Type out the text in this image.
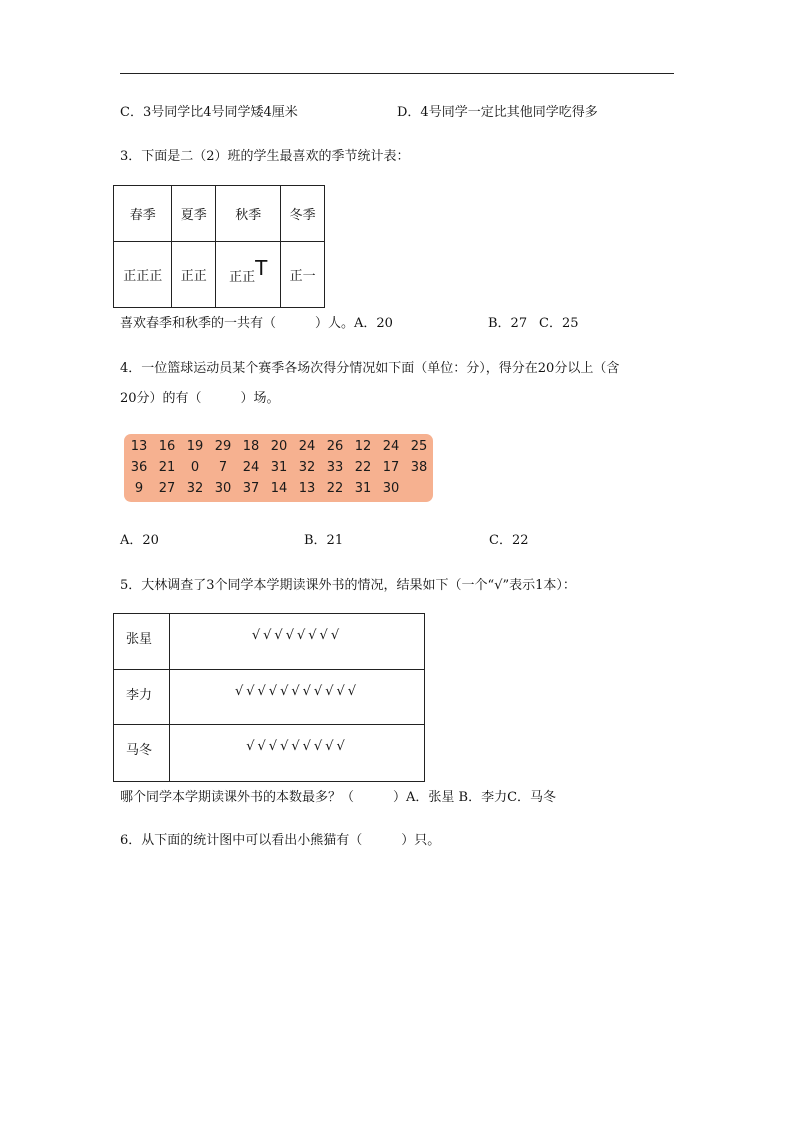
C．3号同学比4号同学矮4厘米	D．4号同学一定比其他同学吃得多
3．下面是二（2）班的学生最喜欢的季节统计表：
春季	夏季	秋季	冬季
正正正	正正	正正T	正一
喜欢春季和秋季的一共有（　　　）人。A．20	B．27 C．25
4．一位篮球运动员某个赛季各场次得分情况如下面（单位：分），得分在20分以上（含
20分）的有（　　　）场。
13 16 19 29 18 20 24 26 12 24 25
36 21	0	7	24 31 32 33 22 17 38
9	27 32 30 37 14 13 22 31 30
A．20	B．21	C．22
5．大林调查了3个同学本学期读课外书的情况，结果如下（一个“√”表示1本）：
张星	√√√√√√√√
李力	√√√√√√√√√√√
马冬	√√√√√√√√√
哪个同学本学期读课外书的本数最多？（　　　）A．张星 B．李力C．马冬
6．从下面的统计图中可以看出小熊猫有（　　　）只。
